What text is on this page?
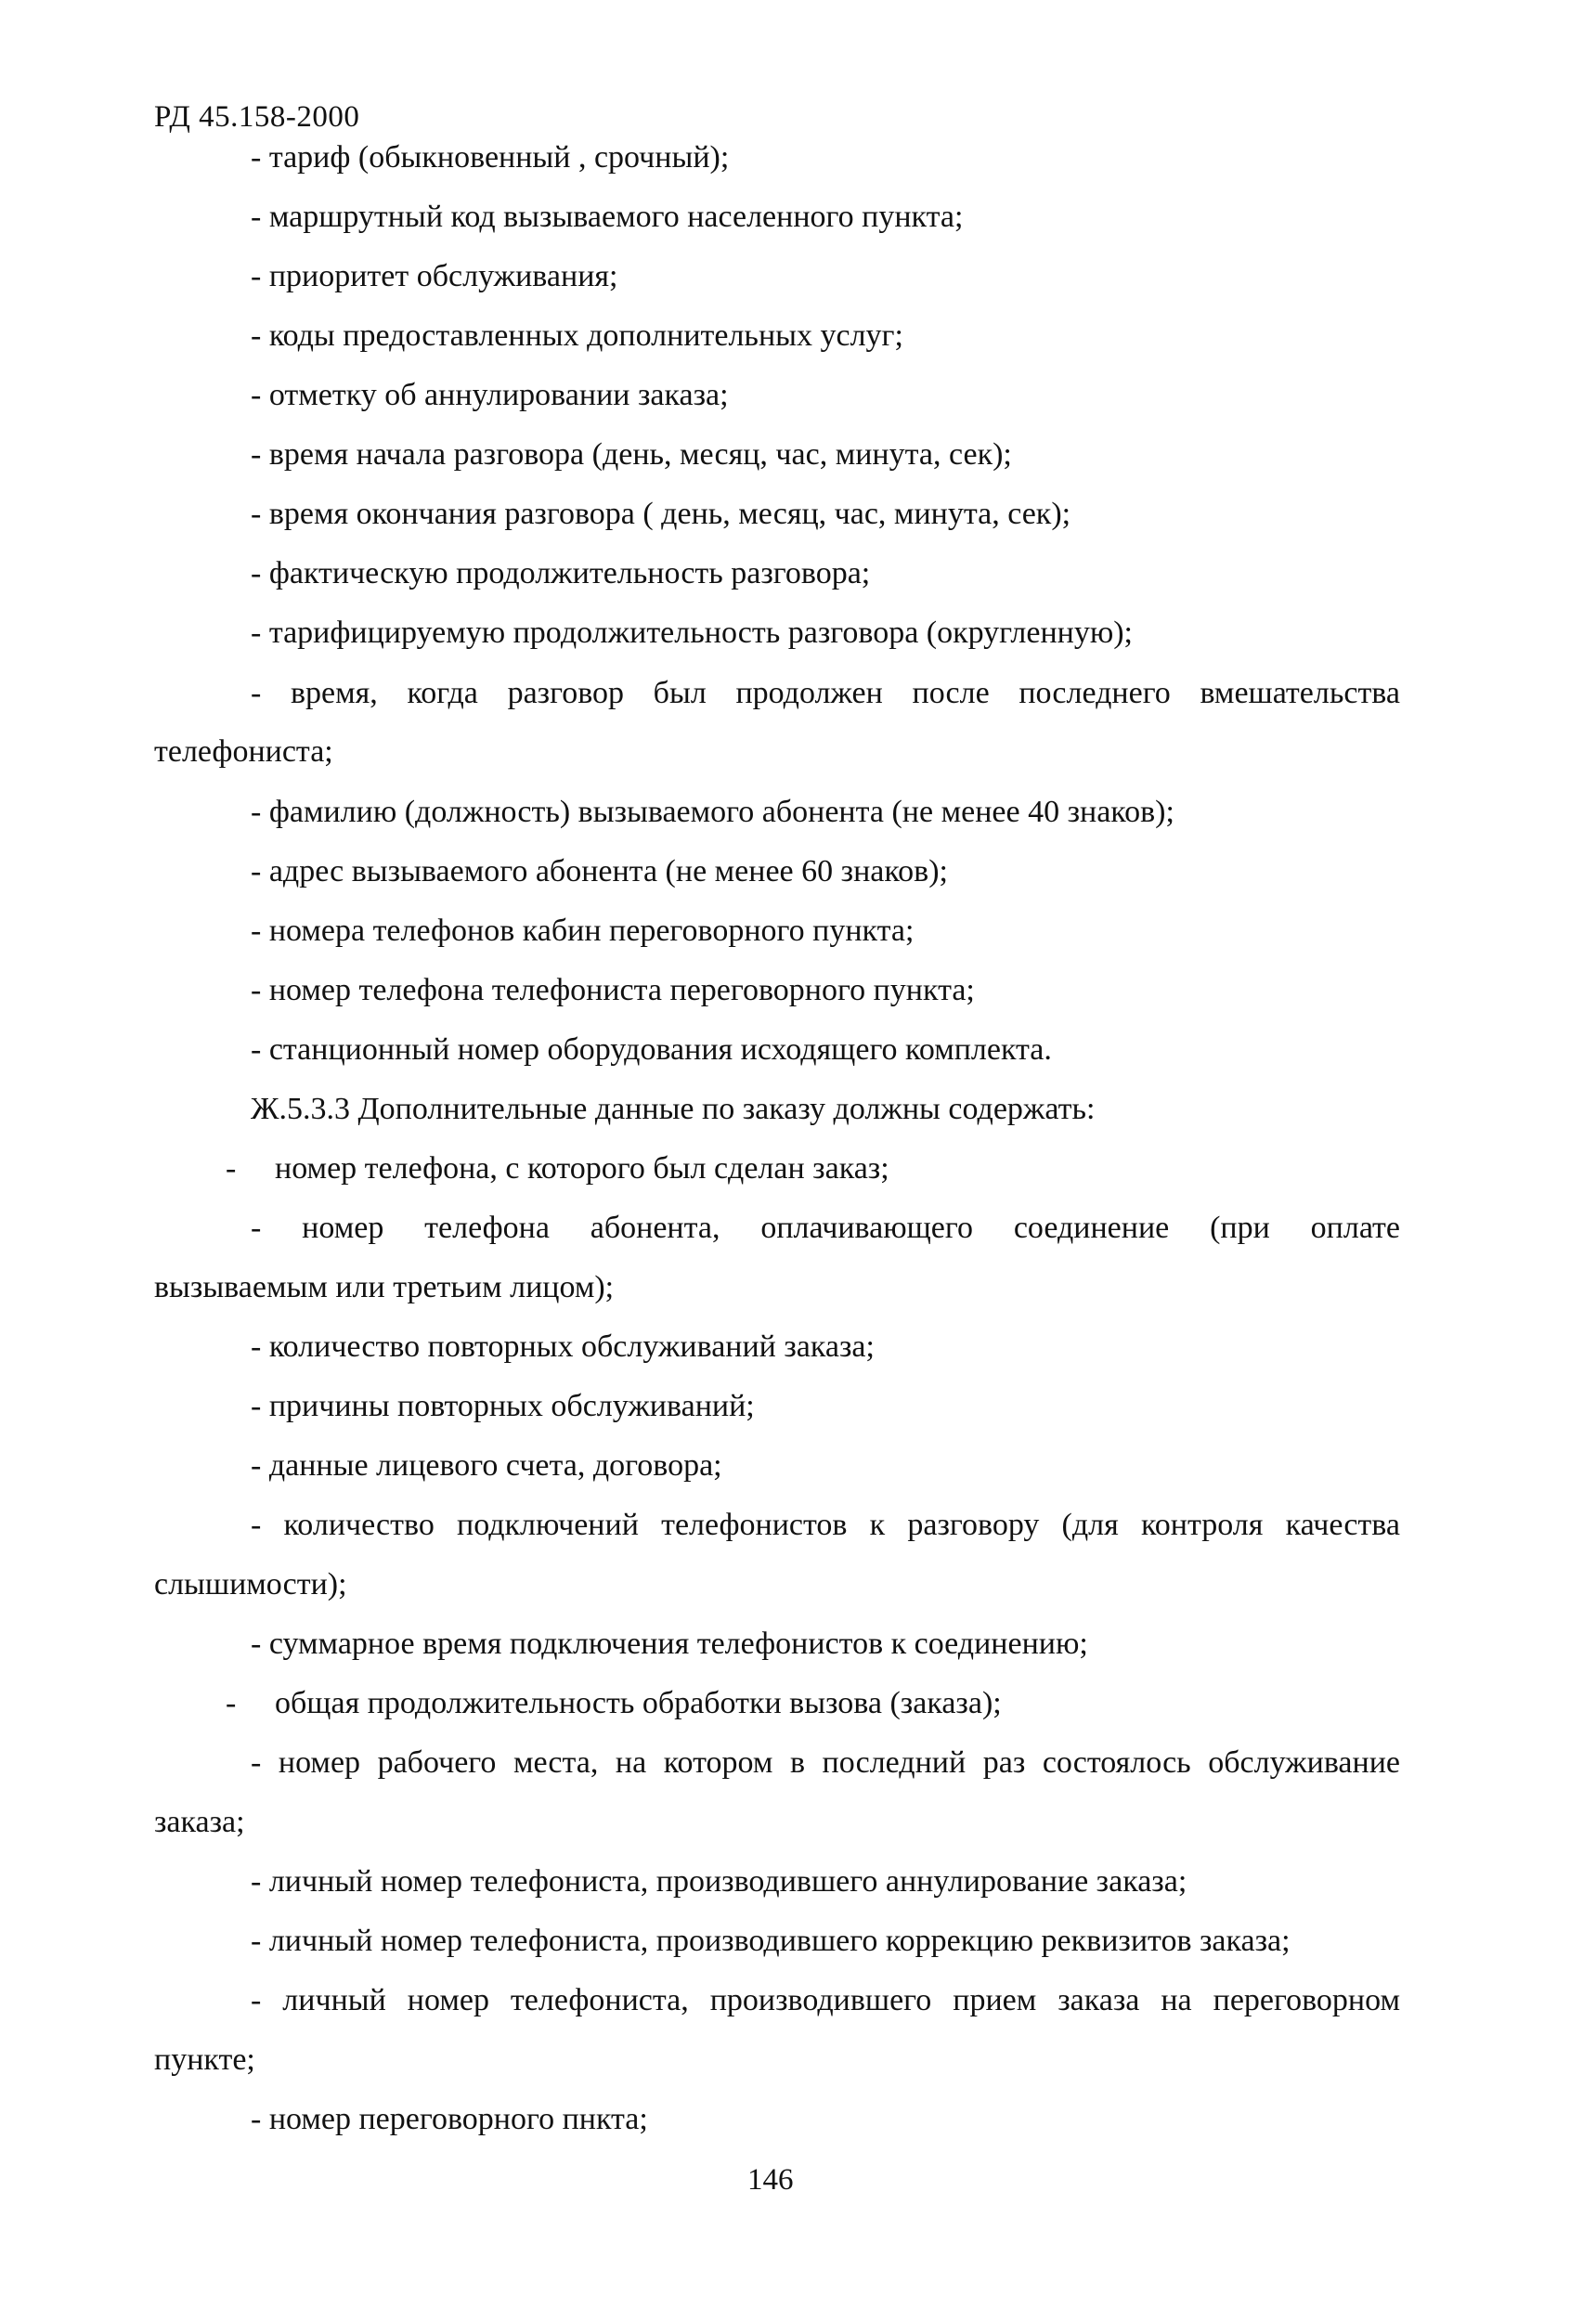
РД 45.158-2000
- тариф (обыкновенный , срочный);
- маршрутный код вызываемого населенного пункта;
- приоритет обслуживания;
- коды предоставленных дополнительных услуг;
- отметку об аннулировании заказа;
- время начала разговора (день, месяц, час, минута, сек);
- время окончания разговора ( день, месяц, час, минута, сек);
- фактическую продолжительность разговора;
- тарифицируемую продолжительность разговора (округленную);
- время, когда разговор был продолжен после последнего вмешательства
телефониста;
- фамилию (должность) вызываемого абонента (не менее 40 знаков);
- адрес вызываемого абонента (не менее 60 знаков);
- номера телефонов кабин переговорного пункта;
- номер телефона телефониста переговорного пункта;
- станционный номер оборудования исходящего комплекта.
Ж.5.3.3 Дополнительные данные по заказу должны содержать:
- номер телефона, с которого был сделан заказ;
- номер телефона абонента, оплачивающего соединение (при оплате
вызываемым или третьим лицом);
- количество повторных обслуживаний заказа;
- причины повторных обслуживаний;
- данные лицевого счета, договора;
- количество подключений телефонистов к разговору (для контроля качества
слышимости);
- суммарное время подключения телефонистов к соединению;
- общая продолжительность обработки вызова (заказа);
- номер рабочего места, на котором в последний раз состоялось обслуживание
заказа;
- личный номер телефониста, производившего аннулирование заказа;
- личный номер телефониста, производившего коррекцию реквизитов заказа;
- личный номер телефониста, производившего прием заказа на переговорном
пункте;
- номер переговорного пнкта;
146
